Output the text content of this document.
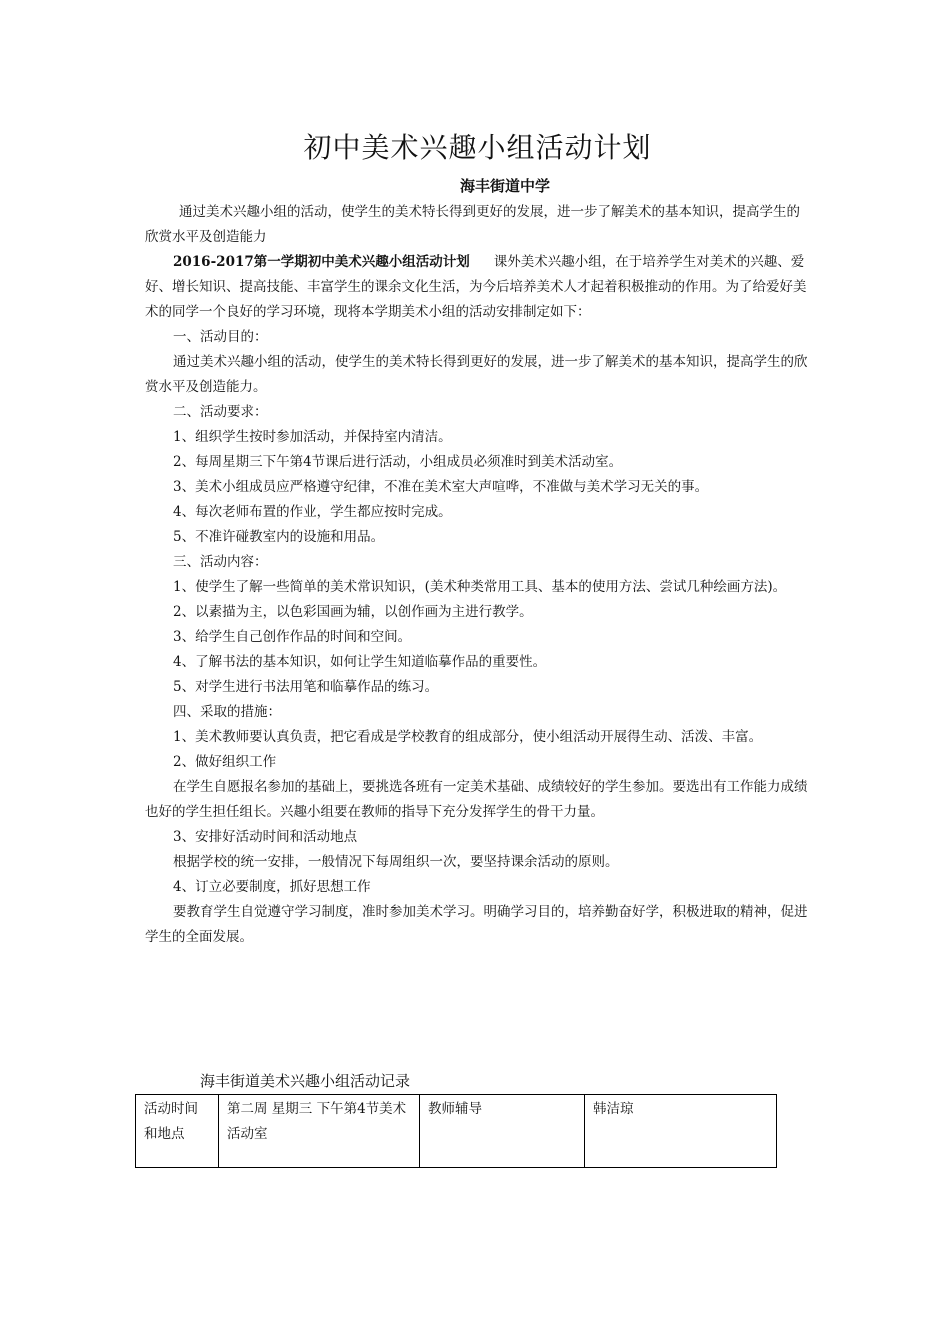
初中美术兴趣小组活动计划
海丰街道中学

通过美术兴趣小组的活动，使学生的美术特长得到更好的发展，进一步了解美术的基本知识，提高学生的欣赏水平及创造能力

2016-2017第一学期初中美术兴趣小组活动计划 课外美术兴趣小组，在于培养学生对美术的兴趣、爱好、增长知识、提高技能、丰富学生的课余文化生活，为今后培养美术人才起着积极推动的作用。为了给爱好美术的同学一个良好的学习环境，现将本学期美术小组的活动安排制定如下：

一、活动目的：

通过美术兴趣小组的活动，使学生的美术特长得到更好的发展，进一步了解美术的基本知识，提高学生的欣赏水平及创造能力。

二、活动要求：

1、组织学生按时参加活动，并保持室内清洁。

2、每周星期三下午第4节课后进行活动，小组成员必须准时到美术活动室。

3、美术小组成员应严格遵守纪律，不准在美术室大声喧哗，不准做与美术学习无关的事。

4、每次老师布置的作业，学生都应按时完成。

5、不准许碰教室内的设施和用品。

三、活动内容：

1、使学生了解一些简单的美术常识知识，(美术种类常用工具、基本的使用方法、尝试几种绘画方法)。

2、以素描为主，以色彩国画为辅，以创作画为主进行教学。

3、给学生自己创作作品的时间和空间。

4、了解书法的基本知识，如何让学生知道临摹作品的重要性。

5、对学生进行书法用笔和临摹作品的练习。

四、采取的措施：

1、美术教师要认真负责，把它看成是学校教育的组成部分，使小组活动开展得生动、活泼、丰富。

2、做好组织工作

在学生自愿报名参加的基础上，要挑选各班有一定美术基础、成绩较好的学生参加。要选出有工作能力成绩也好的学生担任组长。兴趣小组要在教师的指导下充分发挥学生的骨干力量。

3、安排好活动时间和活动地点

根据学校的统一安排，一般情况下每周组织一次，要坚持课余活动的原则。

4、订立必要制度，抓好思想工作

要教育学生自觉遵守学习制度，准时参加美术学习。明确学习目的，培养勤奋好学，积极进取的精神，促进学生的全面发展。

海丰街道美术兴趣小组活动记录

活动时间和地点	第二周 星期三 下午第4节美术活动室	教师辅导	韩洁琼
